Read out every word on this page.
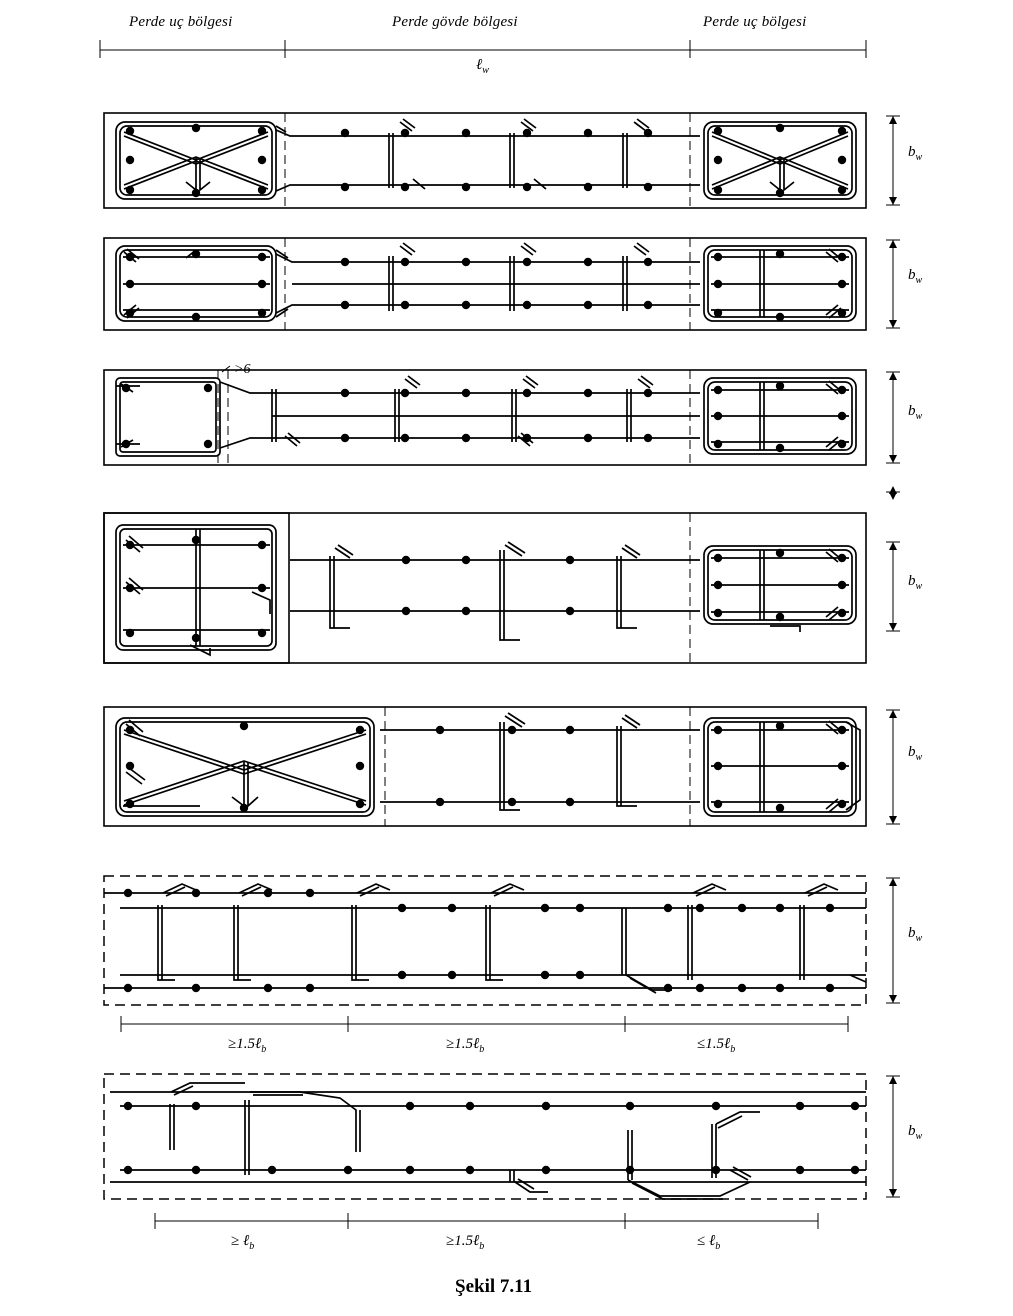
Perde uç bölgesi	Perde gövde bölgesi	Perde uç bölgesi
ℓ$_w$
$b_w$
$b_w$
$b_w$
$b_w$
$b_w$
$b_w$
$b_w$
>6
≥1.5ℓ$_b$	≥1.5ℓ$_b$	≤1.5ℓ$_b$
≥ ℓ$_b$	≥1.5ℓ$_b$	≤ ℓ$_b$
Şekil 7.11
